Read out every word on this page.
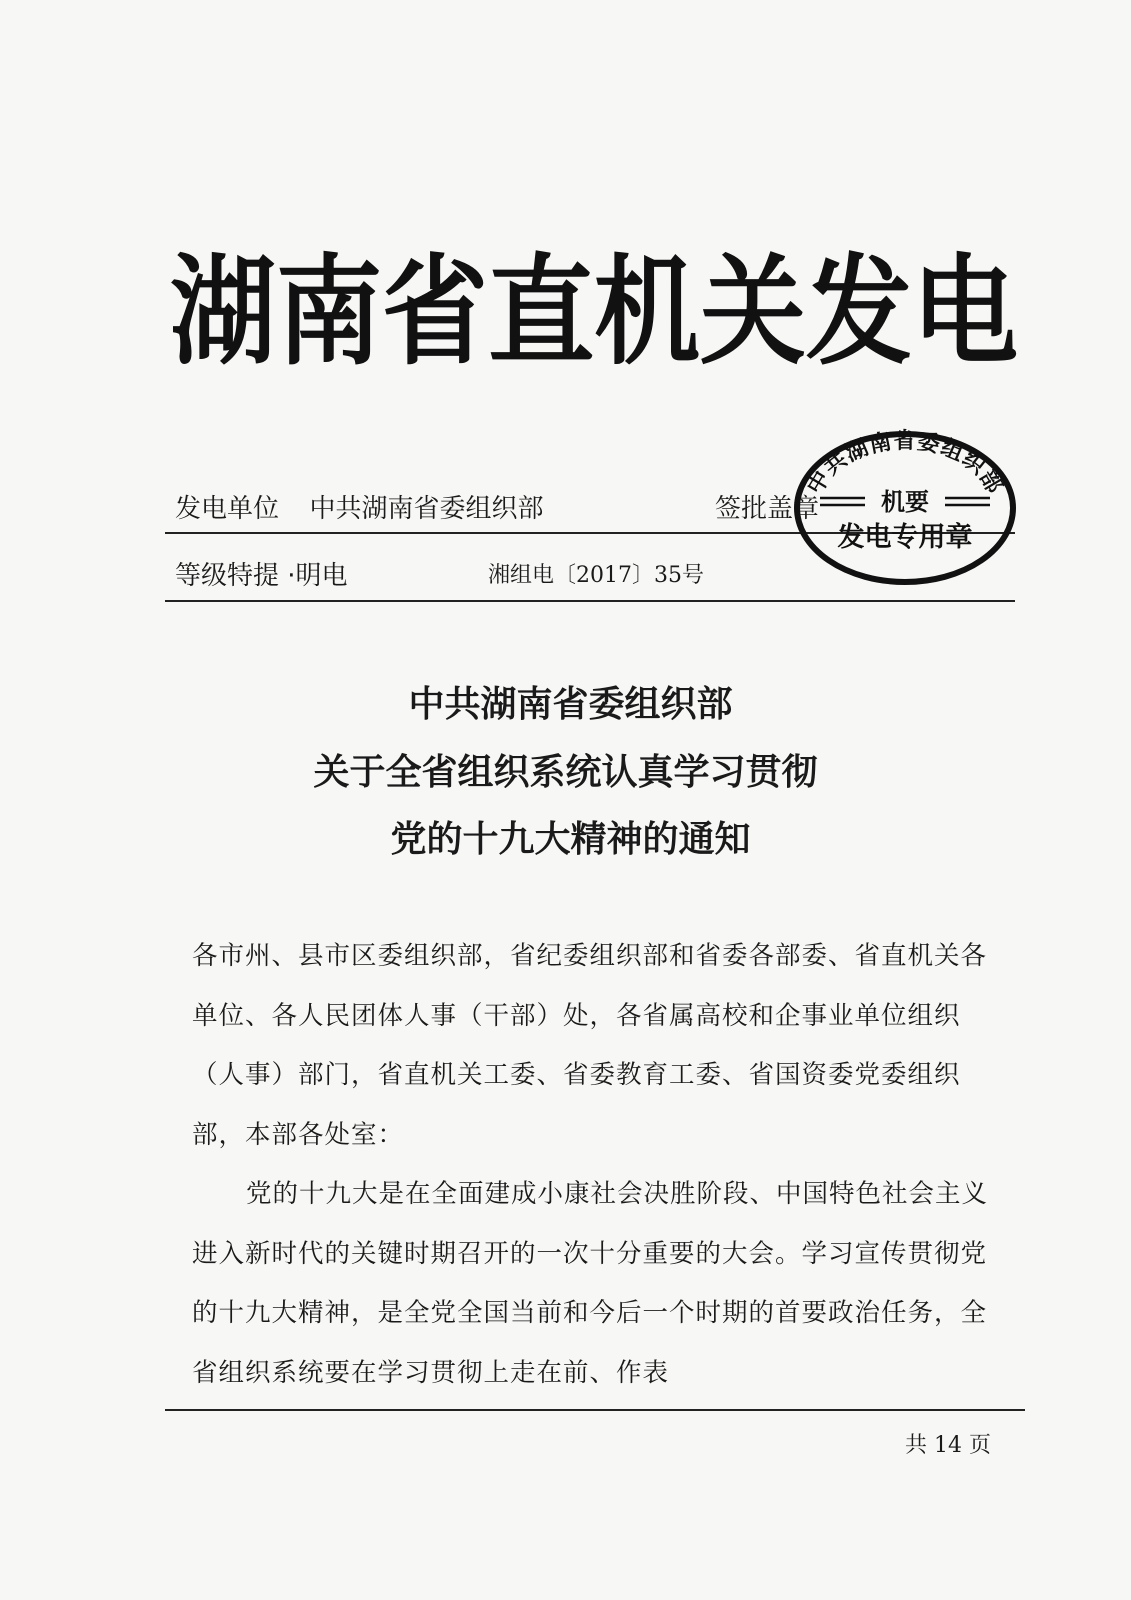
湖南省直机关发电
发电单位 中共湖南省委组织部	签批盖章
等级特提 ·明电	湘组电〔2017〕35号
中共湖南省委组织部
机要
发电专用章
中共湖南省委组织部
关于全省组织系统认真学习贯彻
党的十九大精神的通知

各市州、县市区委组织部，省纪委组织部和省委各部委、省直机关各单位、各人民团体人事（干部）处，各省属高校和企事业单位组织（人事）部门，省直机关工委、省委教育工委、省国资委党委组织部，本部各处室：

党的十九大是在全面建成小康社会决胜阶段、中国特色社会主义进入新时代的关键时期召开的一次十分重要的大会。学习宣传贯彻党的十九大精神，是全党全国当前和今后一个时期的首要政治任务，全省组织系统要在学习贯彻上走在前、作表

共 14 页
